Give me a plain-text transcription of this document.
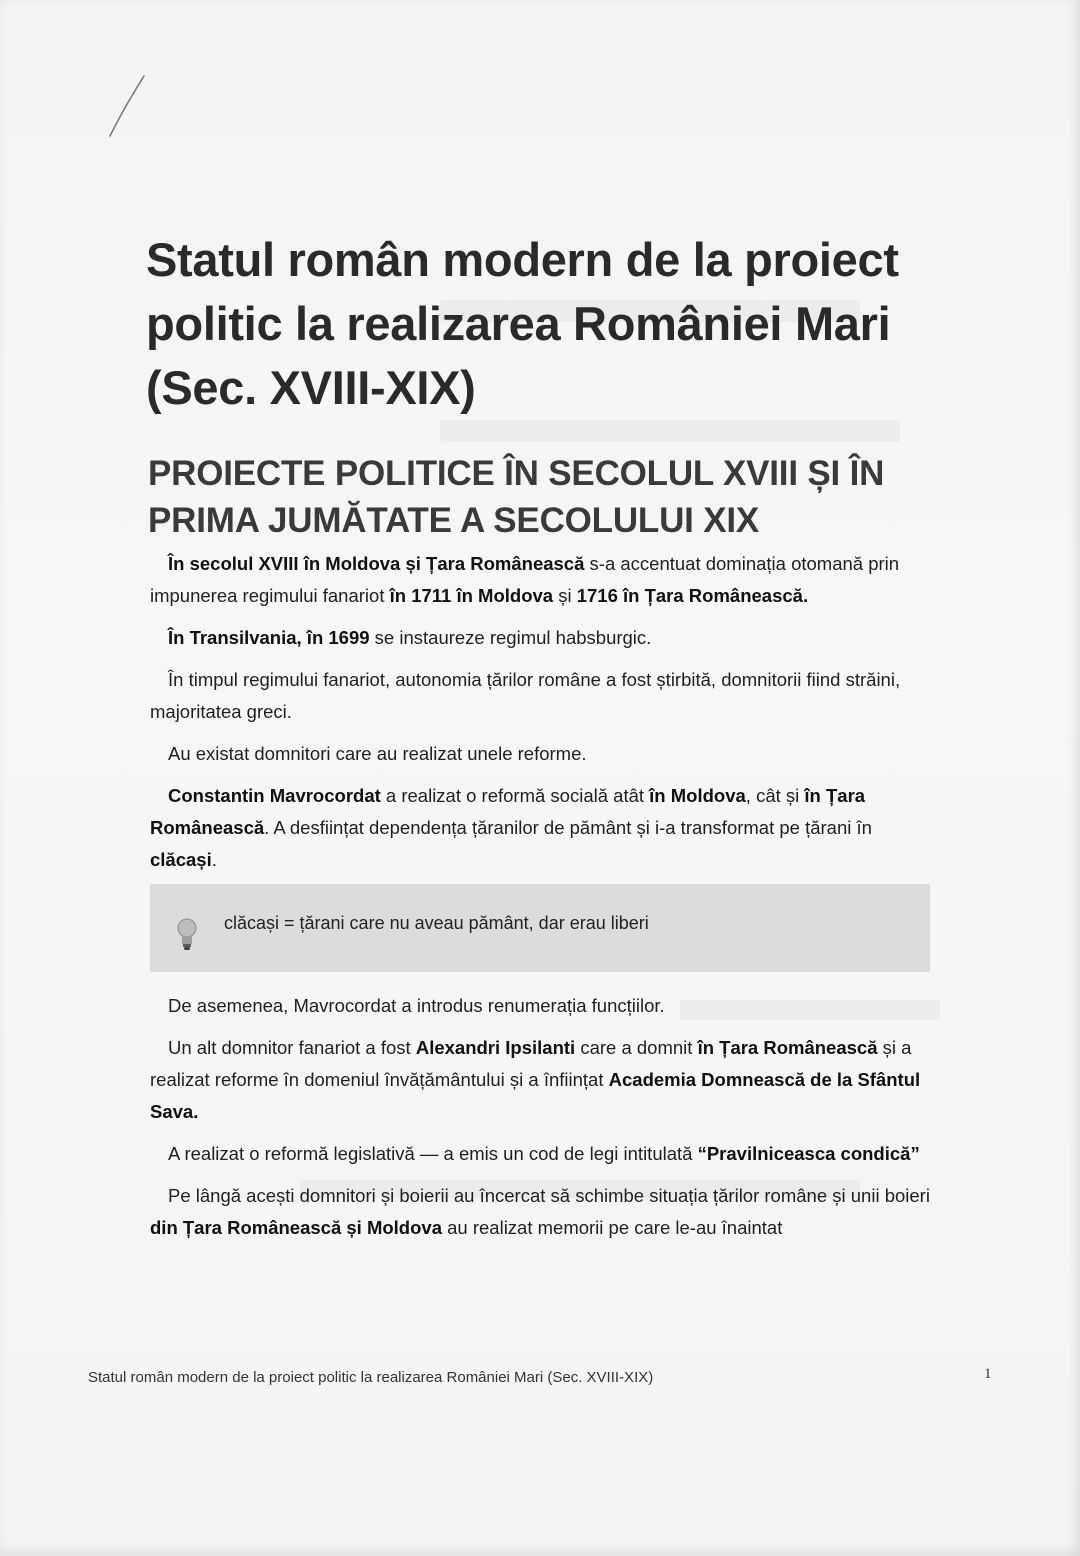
Statul român modern de la proiect politic la realizarea României Mari (Sec. XVIII-XIX)
PROIECTE POLITICE ÎN SECOLUL XVIII ȘI ÎN PRIMA JUMĂTATE A SECOLULUI XIX

În secolul XVIII în Moldova și Țara Românească s-a accentuat dominația otomană prin impunerea regimului fanariot în 1711 în Moldova și 1716 în Țara Românească.

În Transilvania, în 1699 se instaureze regimul habsburgic.

În timpul regimului fanariot, autonomia țărilor române a fost știrbită, domnitorii fiind străini, majoritatea greci.

Au existat domnitori care au realizat unele reforme.

Constantin Mavrocordat a realizat o reformă socială atât în Moldova, cât și în Țara Românească. A desființat dependența țăranilor de pământ și i-a transformat pe țărani în clăcași.

clăcași = țărani care nu aveau pământ, dar erau liberi

De asemenea, Mavrocordat a introdus renumerația funcțiilor.

Un alt domnitor fanariot a fost Alexandri Ipsilanti care a domnit în Țara Românească și a realizat reforme în domeniul învățământului și a înființat Academia Domnească de la Sfântul Sava.

A realizat o reformă legislativă — a emis un cod de legi intitulată “Pravilniceasca condică”

Pe lângă acești domnitori și boierii au încercat să schimbe situația țărilor române și unii boieri din Țara Românească și Moldova au realizat memorii pe care le-au înaintat

Statul român modern de la proiect politic la realizarea României Mari (Sec. XVIII-XIX)	1
